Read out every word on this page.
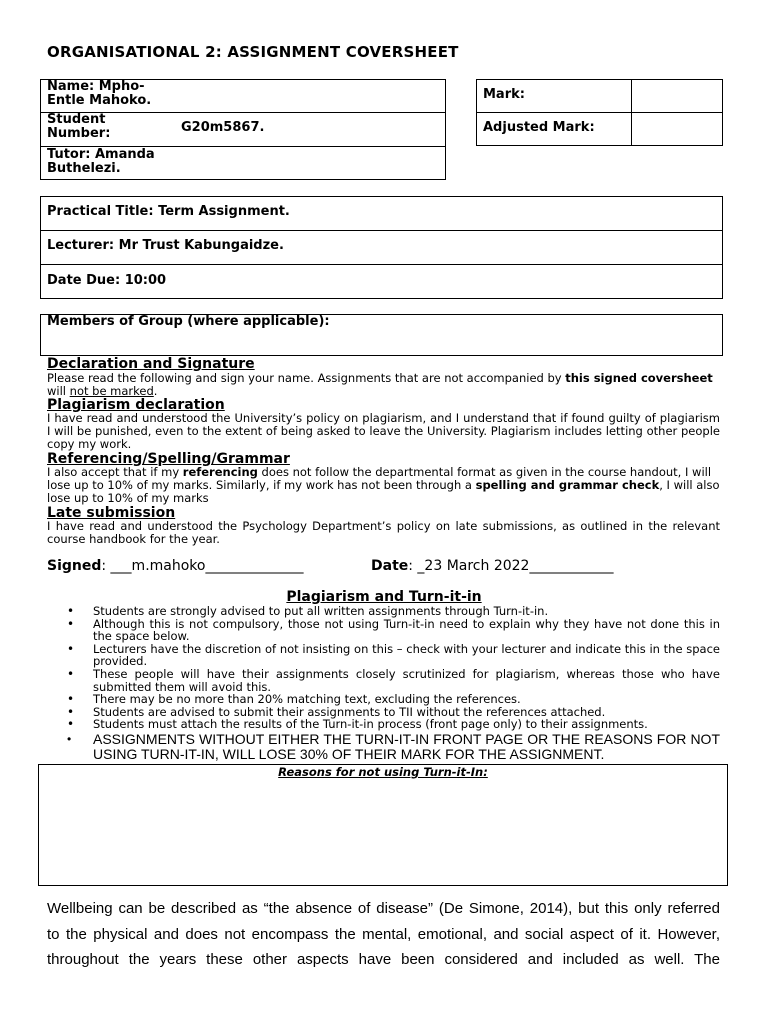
ORGANISATIONAL 2: ASSIGNMENT COVERSHEET
Name: Mpho-Entle Mahoko.
Student Number:	G20m5867.
Tutor: Amanda Buthelezi.
Mark:
Adjusted Mark:
Practical Title: Term Assignment.
Lecturer: Mr Trust Kabungaidze.
Date Due: 10:00
Members of Group (where applicable):
Declaration and Signature
Please read the following and sign your name. Assignments that are not accompanied by this signed coversheet
will not be marked.
Plagiarism declaration
I have read and understood the University’s policy on plagiarism, and I understand that if found guilty of plagiarism I will be punished, even to the extent of being asked to leave the University. Plagiarism includes letting other people copy my work.
Referencing/Spelling/Grammar
I also accept that if my referencing does not follow the departmental format as given in the course handout, I will lose up to 10% of my marks. Similarly, if my work has not been through a spelling and grammar check, I will also lose up to 10% of my marks
Late submission
I have read and understood the Psychology Department’s policy on late submissions, as outlined in the relevant course handbook for the year.
Signed: ___m.mahoko______________	Date: _23 March 2022____________
Plagiarism and Turn-it-in
• Students are strongly advised to put all written assignments through Turn-it-in.
• Although this is not compulsory, those not using Turn-it-in need to explain why they have not done this in the space below.
• Lecturers have the discretion of not insisting on this – check with your lecturer and indicate this in the space provided.
• These people will have their assignments closely scrutinized for plagiarism, whereas those who have submitted them will avoid this.
• There may be no more than 20% matching text, excluding the references.
• Students are advised to submit their assignments to TII without the references attached.
• Students must attach the results of the Turn-it-in process (front page only) to their assignments.
• ASSIGNMENTS WITHOUT EITHER THE TURN-IT-IN FRONT PAGE OR THE REASONS FOR NOT USING TURN-IT-IN, WILL LOSE 30% OF THEIR MARK FOR THE ASSIGNMENT.
Reasons for not using Turn-it-In:
Wellbeing can be described as “the absence of disease” (De Simone, 2014), but this only referred
to the physical and does not encompass the mental, emotional, and social aspect of it. However,
throughout the years these other aspects have been considered and included as well. The
